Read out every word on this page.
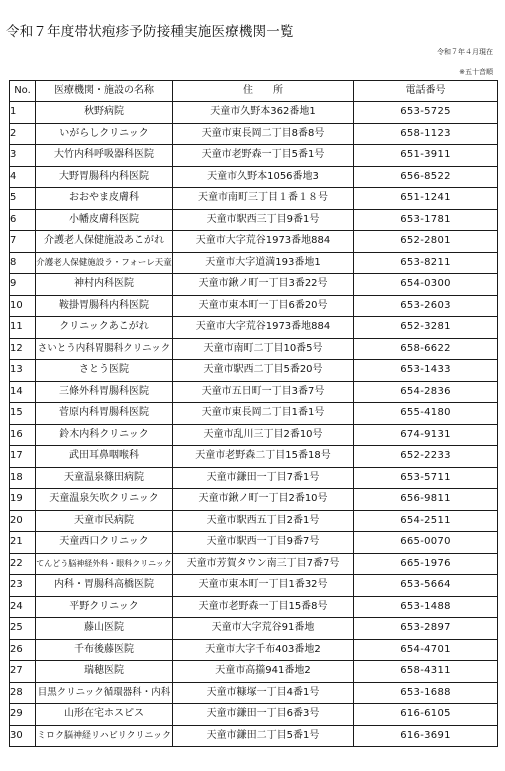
令和７年度帯状疱疹予防接種実施医療機関一覧
令和７年４月現在
※五十音順
No.	医療機関・施設の名称	住　　所	電話番号
1	秋野病院	天童市久野本362番地1	653-5725
2	いがらしクリニック	天童市東長岡二丁目8番8号	658-1123
3	大竹内科呼吸器科医院	天童市老野森一丁目5番1号	651-3911
4	大野胃腸科内科医院	天童市久野本1056番地3	656-8522
5	おおやま皮膚科	天童市南町三丁目１番１８号	651-1241
6	小幡皮膚科医院	天童市駅西三丁目9番1号	653-1781
7	介護老人保健施設あこがれ	天童市大字荒谷1973番地884	652-2801
8	介護老人保健施設ラ・フォーレ天童	天童市大字道満193番地1	653-8211
9	神村内科医院	天童市鍬ノ町一丁目3番22号	654-0300
10	鞍掛胃腸科内科医院	天童市東本町一丁目6番20号	653-2603
11	クリニックあこがれ	天童市大字荒谷1973番地884	652-3281
12	さいとう内科胃腸科クリニック	天童市南町二丁目10番5号	658-6622
13	さとう医院	天童市駅西二丁目5番20号	653-1433
14	三條外科胃腸科医院	天童市五日町一丁目3番7号	654-2836
15	菅原内科胃腸科医院	天童市東長岡二丁目1番1号	655-4180
16	鈴木内科クリニック	天童市乱川三丁目2番10号	674-9131
17	武田耳鼻咽喉科	天童市老野森二丁目15番18号	652-2233
18	天童温泉篠田病院	天童市鎌田一丁目7番1号	653-5711
19	天童温泉矢吹クリニック	天童市鍬ノ町一丁目2番10号	656-9811
20	天童市民病院	天童市駅西五丁目2番1号	654-2511
21	天童西口クリニック	天童市駅西一丁目9番7号	665-0070
22	てんどう脳神経外科・眼科クリニック	天童市芳賀タウン南三丁目7番7号	665-1976
23	内科・胃腸科高橋医院	天童市東本町一丁目1番32号	653-5664
24	平野クリニック	天童市老野森一丁目15番8号	653-1488
25	藤山医院	天童市大字荒谷91番地	653-2897
26	千布後藤医院	天童市大字千布403番地2	654-4701
27	瑞穂医院	天童市高擶941番地2	658-4311
28	目黒クリニック循環器科・内科	天童市糠塚一丁目4番1号	653-1688
29	山形在宅ホスピス	天童市鎌田一丁目6番3号	616-6105
30	ミロク脳神経リハビリクリニック	天童市鎌田二丁目5番1号	616-3691
